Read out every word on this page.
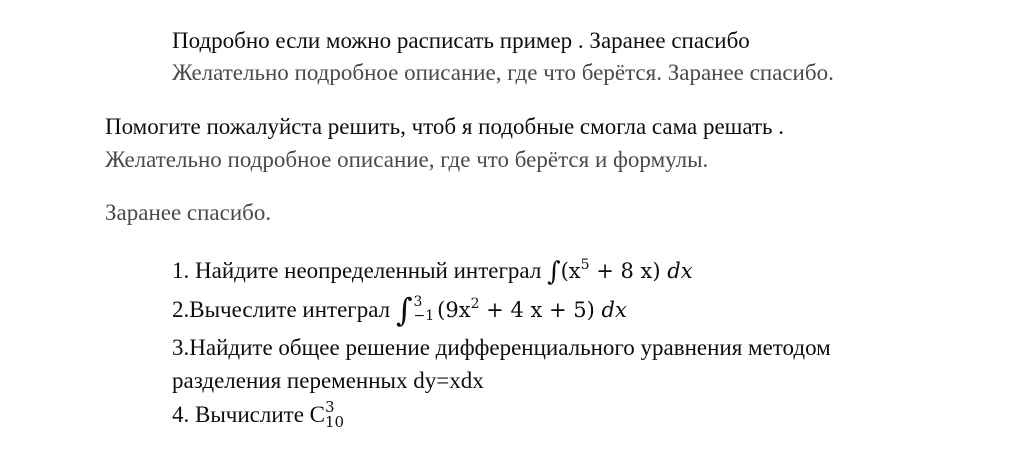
Подробно если можно расписать пример . Заранее спасибо
Желательно подробное описание, где что берётся. Заранее спасибо.
Помогите пожалуйста решить, чтоб я подобные смогла сама решать .
Желательно подробное описание, где что берётся и формулы.
Заранее спасибо.
1. Найдите неопределенный интеграл $\int(x^5 + 8$ x) dx
2.Вычеслите интеграл ∫ 3
−1 ($9x^2 + 4$ x + 5) dx
3.Найдите общее решение дифференциального уравнения методом
разделения переменных dy=xdx
4. Вычислите C 3
10
